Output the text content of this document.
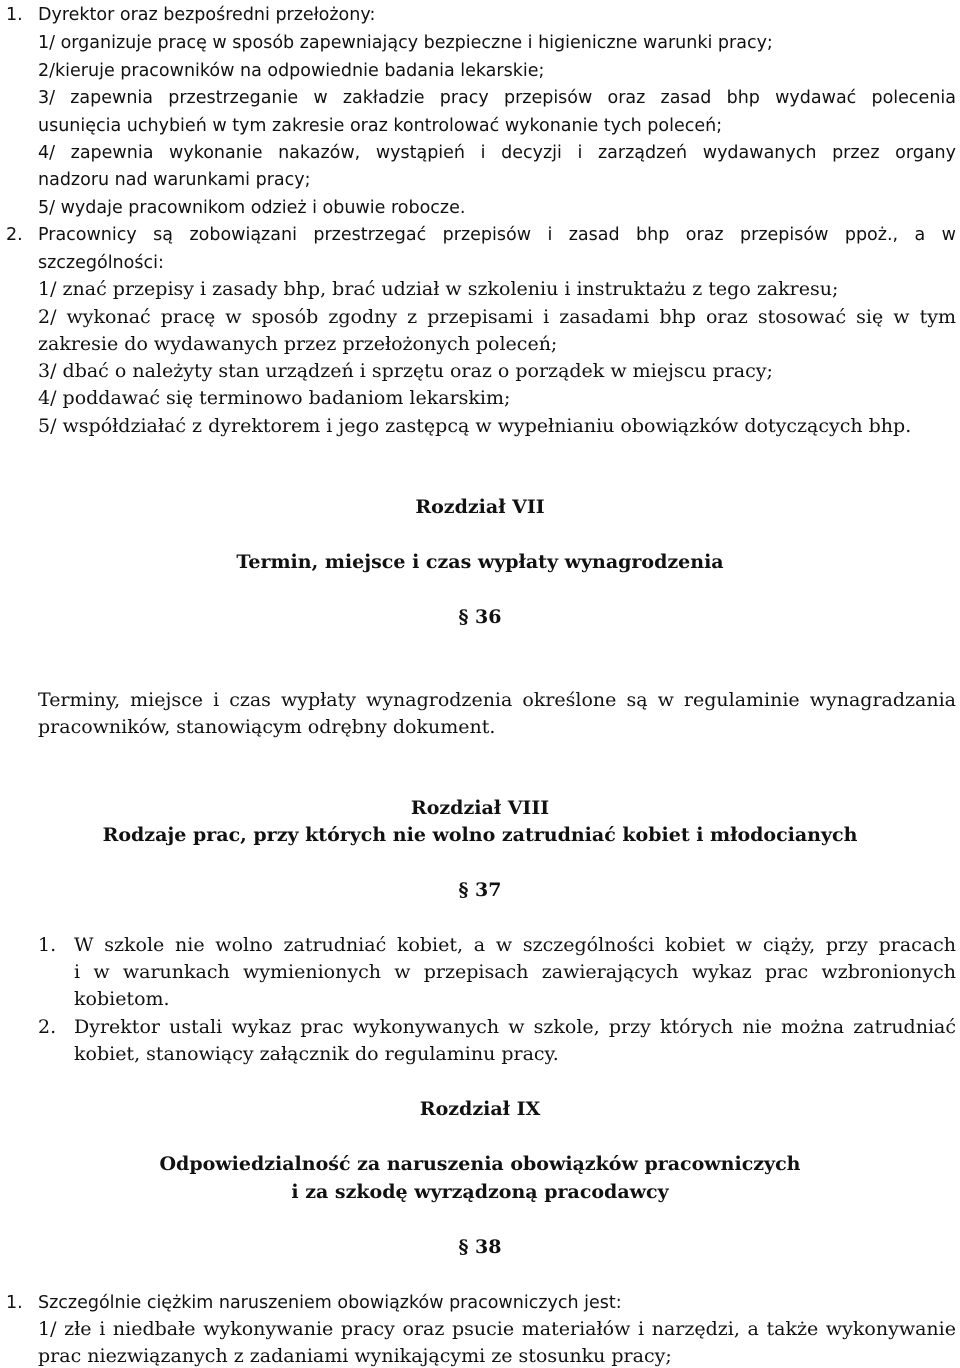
1. Dyrektor oraz bezpośredni przełożony:
1/ organizuje pracę w sposób zapewniający bezpieczne i higieniczne warunki pracy;
2/kieruje pracowników na odpowiednie badania lekarskie;
3/ zapewnia przestrzeganie w zakładzie pracy przepisów oraz zasad bhp wydawać polecenia
usunięcia uchybień w tym zakresie oraz kontrolować wykonanie tych poleceń;
4/ zapewnia wykonanie nakazów, wystąpień i decyzji i zarządzeń wydawanych przez organy
nadzoru nad warunkami pracy;
5/ wydaje pracownikom odzież i obuwie robocze.
2. Pracownicy są zobowiązani przestrzegać przepisów i zasad bhp oraz przepisów ppoż., a w
szczególności:
1/ znać przepisy i zasady bhp, brać udział w szkoleniu i instruktażu z tego zakresu;
2/ wykonać pracę w sposób zgodny z przepisami i zasadami bhp oraz stosować się w tym
zakresie do wydawanych przez przełożonych poleceń;
3/ dbać o należyty stan urządzeń i sprzętu oraz o porządek w miejscu pracy;
4/ poddawać się terminowo badaniom lekarskim;
5/ współdziałać z dyrektorem i jego zastępcą w wypełnianiu obowiązków dotyczących bhp.
Rozdział VII
Termin, miejsce i czas wypłaty wynagrodzenia
§ 36
Terminy, miejsce i czas wypłaty wynagrodzenia określone są w regulaminie wynagradzania
pracowników, stanowiącym odrębny dokument.
Rozdział VIII
Rodzaje prac, przy których nie wolno zatrudniać kobiet i młodocianych
§ 37
1. W szkole nie wolno zatrudniać kobiet, a w szczególności kobiet w ciąży, przy pracach
i w warunkach wymienionych w przepisach zawierających wykaz prac wzbronionych
kobietom.
2. Dyrektor ustali wykaz prac wykonywanych w szkole, przy których nie można zatrudniać
kobiet, stanowiący załącznik do regulaminu pracy.
Rozdział IX
Odpowiedzialność za naruszenia obowiązków pracowniczych
i za szkodę wyrządzoną pracodawcy
§ 38
1. Szczególnie ciężkim naruszeniem obowiązków pracowniczych jest:
1/ złe i niedbałe wykonywanie pracy oraz psucie materiałów i narzędzi, a także wykonywanie
prac niezwiązanych z zadaniami wynikającymi ze stosunku pracy;
